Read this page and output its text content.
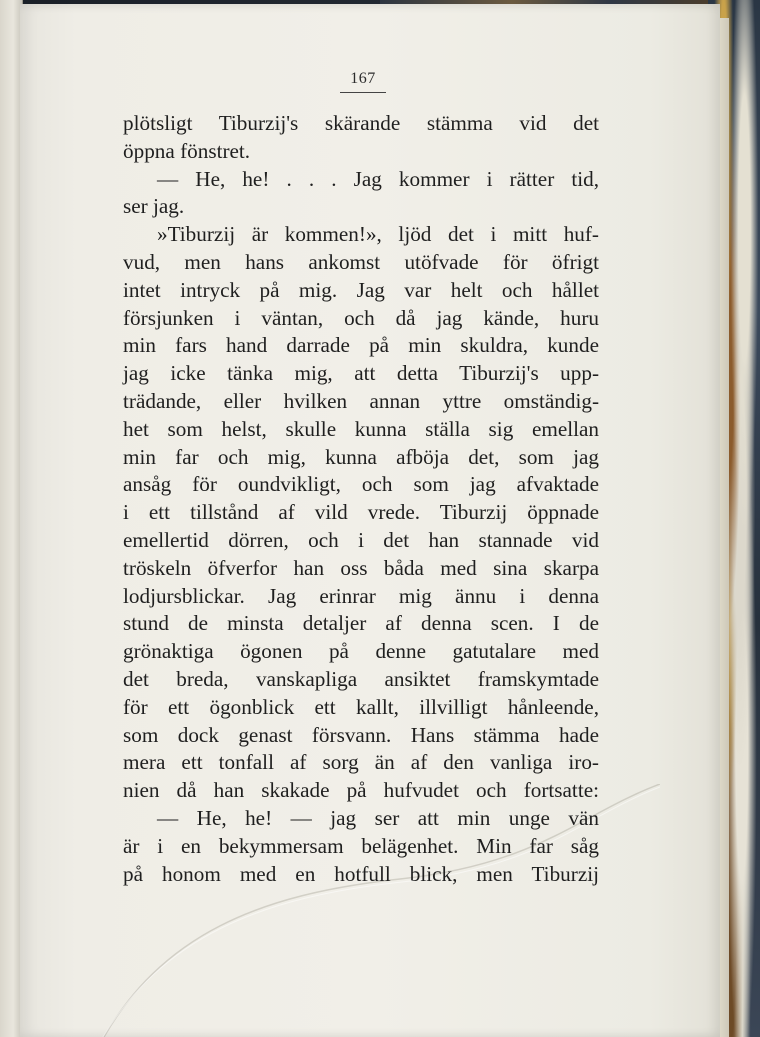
167
plötsligt Tiburzij's skärande stämma vid det
öppna fönstret.
— He, he! . . . Jag kommer i rätter tid,
ser jag.
»Tiburzij är kommen!», ljöd det i mitt huf-
vud, men hans ankomst utöfvade för öfrigt
intet intryck på mig. Jag var helt och hållet
försjunken i väntan, och då jag kände, huru
min fars hand darrade på min skuldra, kunde
jag icke tänka mig, att detta Tiburzij's upp-
trädande, eller hvilken annan yttre omständig-
het som helst, skulle kunna ställa sig emellan
min far och mig, kunna afböja det, som jag
ansåg för oundvikligt, och som jag afvaktade
i ett tillstånd af vild vrede. Tiburzij öppnade
emellertid dörren, och i det han stannade vid
tröskeln öfverfor han oss båda med sina skarpa
lodjursblickar. Jag erinrar mig ännu i denna
stund de minsta detaljer af denna scen. I de
grönaktiga ögonen på denne gatutalare med
det breda, vanskapliga ansiktet framskymtade
för ett ögonblick ett kallt, illvilligt hånleende,
som dock genast försvann. Hans stämma hade
mera ett tonfall af sorg än af den vanliga iro-
nien då han skakade på hufvudet och fortsatte:
— He, he! — jag ser att min unge vän
är i en bekymmersam belägenhet. Min far såg
på honom med en hotfull blick, men Tiburzij
